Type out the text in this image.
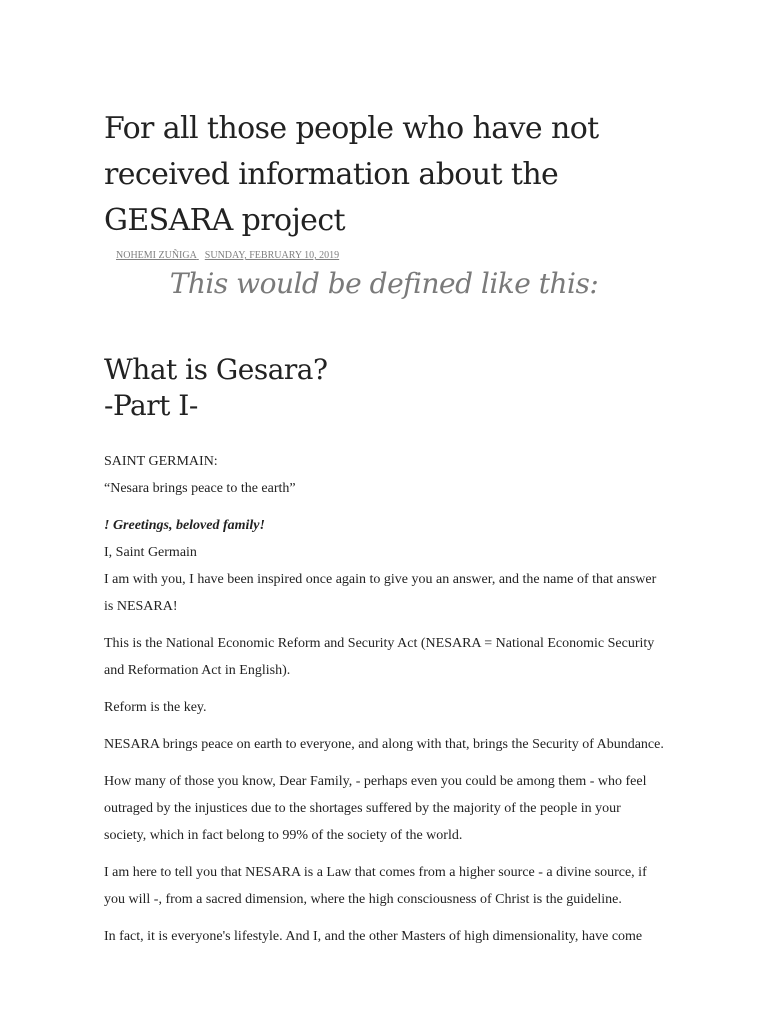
For all those people who have not received information about the GESARA project
NOHEMI ZUÑIGA SUNDAY, FEBRUARY 10, 2019
This would be defined like this:
What is Gesara?
-Part I-

SAINT GERMAIN:

“Nesara brings peace to the earth”

! Greetings, beloved family!

I, Saint Germain

I am with you, I have been inspired once again to give you an answer, and the name of that answer is NESARA!

This is the National Economic Reform and Security Act (NESARA = National Economic Security and Reformation Act in English).

Reform is the key.

NESARA brings peace on earth to everyone, and along with that, brings the Security of Abundance.

How many of those you know, Dear Family, - perhaps even you could be among them - who feel outraged by the injustices due to the shortages suffered by the majority of the people in your society, which in fact belong to 99% of the society of the world.

I am here to tell you that NESARA is a Law that comes from a higher source - a divine source, if you will -, from a sacred dimension, where the high consciousness of Christ is the guideline.

In fact, it is everyone's lifestyle. And I, and the other Masters of high dimensionality, have come
